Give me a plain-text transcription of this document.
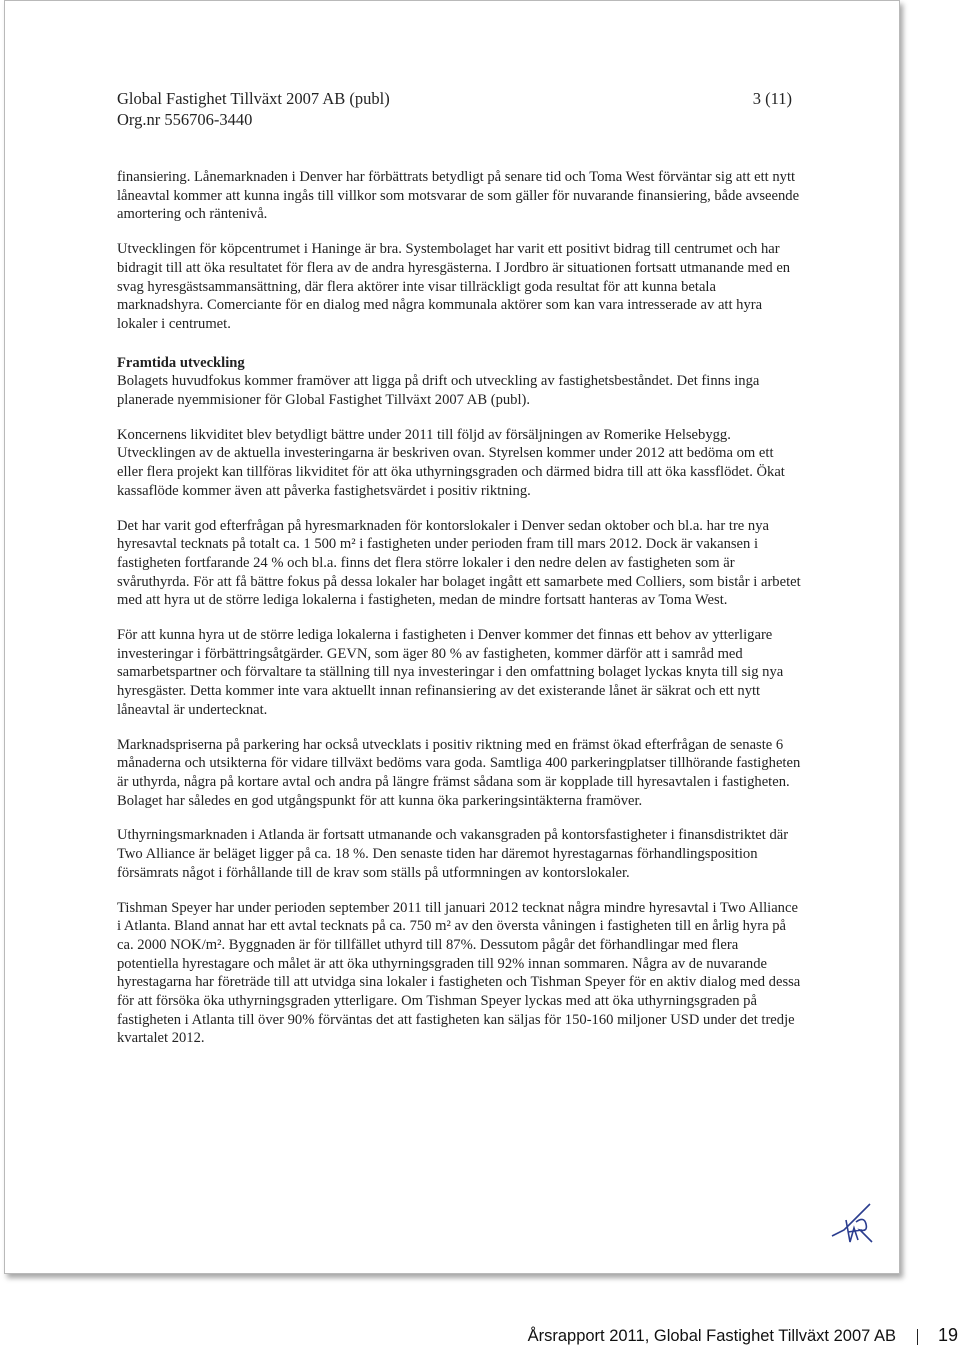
Global Fastighet Tillväxt 2007 AB (publ)	3 (11)
Org.nr 556706-3440

finansiering. Lånemarknaden i Denver har förbättrats betydligt på senare tid och Toma West förväntar sig att ett nytt låneavtal kommer att kunna ingås till villkor som motsvarar de som gäller för nuvarande finansiering, både avseende amortering och räntenivå.

Utvecklingen för köpcentrumet i Haninge är bra. Systembolaget har varit ett positivt bidrag till centrumet och har bidragit till att öka resultatet för flera av de andra hyresgästerna. I Jordbro är situationen fortsatt utmanande med en svag hyresgästsammansättning, där flera aktörer inte visar tillräckligt goda resultat för att kunna betala marknadshyra. Comerciante för en dialog med några kommunala aktörer som kan vara intresserade av att hyra lokaler i centrumet.

Framtida utveckling

Bolagets huvudfokus kommer framöver att ligga på drift och utveckling av fastighetsbeståndet. Det finns inga planerade nyemmisioner för Global Fastighet Tillväxt 2007 AB (publ).

Koncernens likviditet blev betydligt bättre under 2011 till följd av försäljningen av Romerike Helsebygg. Utvecklingen av de aktuella investeringarna är beskriven ovan. Styrelsen kommer under 2012 att bedöma om ett eller flera projekt kan tillföras likviditet för att öka uthyrningsgraden och därmed bidra till att öka kassflödet. Ökat kassaflöde kommer även att påverka fastighetsvärdet i positiv riktning.

Det har varit god efterfrågan på hyresmarknaden för kontorslokaler i Denver sedan oktober och bl.a. har tre nya hyresavtal tecknats på totalt ca. 1 500 m² i fastigheten under perioden fram till mars 2012. Dock är vakansen i fastigheten fortfarande 24 % och bl.a. finns det flera större lokaler i den nedre delen av fastigheten som är svåruthyrda. För att få bättre fokus på dessa lokaler har bolaget ingått ett samarbete med Colliers, som bistår i arbetet med att hyra ut de större lediga lokalerna i fastigheten, medan de mindre fortsatt hanteras av Toma West.

För att kunna hyra ut de större lediga lokalerna i fastigheten i Denver kommer det finnas ett behov av ytterligare investeringar i förbättringsåtgärder. GEVN, som äger 80 % av fastigheten, kommer därför att i samråd med samarbetspartner och förvaltare ta ställning till nya investeringar i den omfattning bolaget lyckas knyta till sig nya hyresgäster. Detta kommer inte vara aktuellt innan refinansiering av det existerande lånet är säkrat och ett nytt låneavtal är undertecknat.

Marknadspriserna på parkering har också utvecklats i positiv riktning med en främst ökad efterfrågan de senaste 6 månaderna och utsikterna för vidare tillväxt bedöms vara goda. Samtliga 400 parkeringplatser tillhörande fastigheten är uthyrda, några på kortare avtal och andra på längre främst sådana som är kopplade till hyresavtalen i fastigheten. Bolaget har således en god utgångspunkt för att kunna öka parkeringsintäkterna framöver.

Uthyrningsmarknaden i Atlanda är fortsatt utmanande och vakansgraden på kontorsfastigheter i finansdistriktet där Two Alliance är beläget ligger på ca. 18 %. Den senaste tiden har däremot hyrestagarnas förhandlingsposition försämrats något i förhållande till de krav som ställs på utformningen av kontorslokaler.

Tishman Speyer har under perioden september 2011 till januari 2012 tecknat några mindre hyresavtal i Two Alliance i Atlanta. Bland annat har ett avtal tecknats på ca. 750 m² av den översta våningen i fastigheten till en årlig hyra på ca. 2000 NOK/m². Byggnaden är för tillfället uthyrd till 87%. Dessutom pågår det förhandlingar med flera potentiella hyrestagare och målet är att öka uthyrningsgraden till 92% innan sommaren. Några av de nuvarande hyrestagarna har företräde till att utvidga sina lokaler i fastigheten och Tishman Speyer för en aktiv dialog med dessa för att försöka öka uthyrningsgraden ytterligare. Om Tishman Speyer lyckas med att öka uthyrningsgraden på fastigheten i Atlanta till över 90% förväntas det att fastigheten kan säljas för 150-160 miljoner USD under det tredje kvartalet 2012.

Årsrapport 2011, Global Fastighet Tillväxt 2007 AB 19
